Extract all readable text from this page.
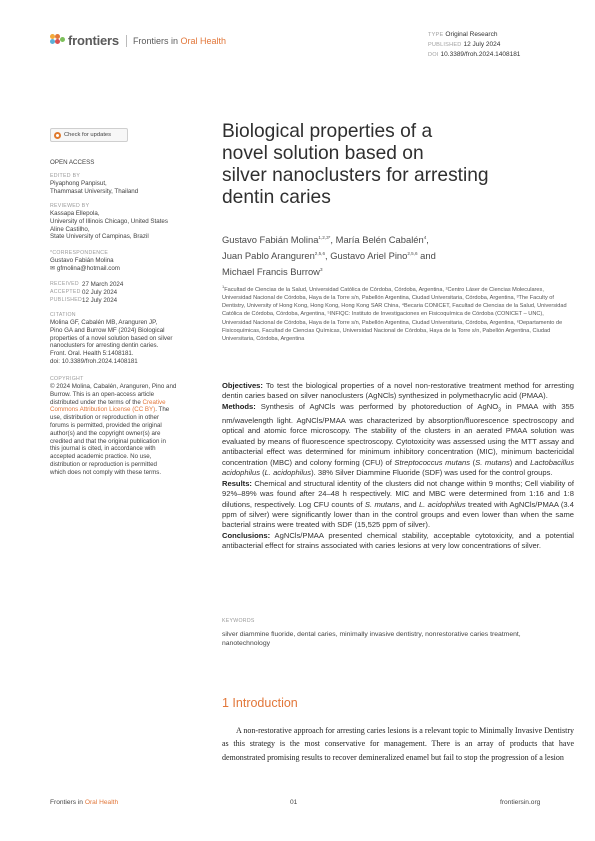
frontiers Frontiers in Oral Health
TYPE Original Research
PUBLISHED 12 July 2024
DOI 10.3389/froh.2024.1408181
Check for updates
OPEN ACCESS
EDITED BY
Piyaphong Panpisut,
Thammasat University, Thailand
REVIEWED BY
Kassapa Ellepola,
University of Illinois Chicago, United States
Aline Castilho,
State University of Campinas, Brazil
*CORRESPONDENCE
Gustavo Fabián Molina
✉ gfmolina@hotmail.com
RECEIVED 27 March 2024
ACCEPTED 02 July 2024
PUBLISHED 12 July 2024
CITATION
Molina GF, Cabalén MB, Aranguren JP,
Pino GA and Burrow MF (2024) Biological
properties of a novel solution based on silver
nanoclusters for arresting dentin caries.
Front. Oral. Health 5:1408181.
doi: 10.3389/froh.2024.1408181
COPYRIGHT
© 2024 Molina, Cabalén, Aranguren, Pino and
Burrow. This is an open-access article
distributed under the terms of the Creative
Commons Attribution License (CC BY). The
use, distribution or reproduction in other
forums is permitted, provided the original
author(s) and the copyright owner(s) are
credited and that the original publication in
this journal is cited, in accordance with
accepted academic practice. No use,
distribution or reproduction is permitted
which does not comply with these terms.
Biological properties of a
novel solution based on
silver nanoclusters for arresting
dentin caries
Gustavo Fabián Molina$^{1,2,3*}$, María Belén Cabalén$^4$,
Juan Pablo Aranguren$^{2,5,6}$, Gustavo Ariel Pino$^{2,5,6}$ and
Michael Francis Burrow$^3$
$^1$Facultad de Ciencias de la Salud, Universidad Católica de Córdoba, Córdoba, Argentina, ²Centro Láser de Ciencias Moleculares, Universidad Nacional de Córdoba, Haya de la Torre s/n, Pabellón Argentina, Ciudad Universitaria, Córdoba, Argentina, ³The Faculty of Dentistry, University of Hong Kong, Hong Kong, Hong Kong SAR China, ⁴Becaria CONICET, Facultad de Ciencias de la Salud, Universidad Católica de Córdoba, Córdoba, Argentina, ⁵INFIQC: Instituto de Investigaciones en Fisicoquímica de Córdoba (CONICET – UNC), Universidad Nacional de Córdoba, Haya de la Torre s/n, Pabellón Argentina, Ciudad Universitaria, Córdoba, Argentina, ⁶Departamento de Fisicoquímicas, Facultad de Ciencias Químicas, Universidad Nacional de Córdoba, Haya de la Torre s/n, Pabellón Argentina, Ciudad Universitaria, Córdoba, Argentina
Objectives: To test the biological properties of a novel non-restorative treatment method for arresting dentin caries based on silver nanoclusters (AgNCls) synthesized in polymethacrylic acid (PMAA).
Methods: Synthesis of AgNCls was performed by photoreduction of AgNO$_3$ in PMAA with 355 nm/wavelength light. AgNCls/PMAA was characterized by absorption/fluorescence spectroscopy and optical and atomic force microscopy. The stability of the clusters in an aerated PMAA solution was evaluated by means of fluorescence spectroscopy. Cytotoxicity was assessed using the MTT assay and antibacterial effect was determined for minimum inhibitory concentration (MIC), minimum bactericidal concentration (MBC) and colony forming (CFU) of Streptococcus mutans (S. mutans) and Lactobacillus acidophilus (L. acidophilus). 38% Silver Diammine Fluoride (SDF) was used for the control groups.
Results: Chemical and structural identity of the clusters did not change within 9 months; Cell viability of 92%–89% was found after 24–48 h respectively. MIC and MBC were determined from 1:16 and 1:8 dilutions, respectively. Log CFU counts of S. mutans, and L. acidophilus treated with AgNCls/PMAA (3.4 ppm of silver) were significantly lower than in the control groups and even lower than when the same bacterial strains were treated with SDF (15,525 ppm of silver).
Conclusions: AgNCls/PMAA presented chemical stability, acceptable cytotoxicity, and a potential antibacterial effect for strains associated with caries lesions at very low concentrations of silver.
KEYWORDS
silver diammine fluoride, dental caries, minimally invasive dentistry, nonrestorative caries treatment, nanotechnology
1 Introduction
A non-restorative approach for arresting caries lesions is a relevant topic to Minimally Invasive Dentistry as this strategy is the most conservative for management. There is an array of products that have demonstrated promising results to recover demineralized enamel but fail to stop the progression of a lesion
Frontiers in Oral Health	01	frontiersin.org
